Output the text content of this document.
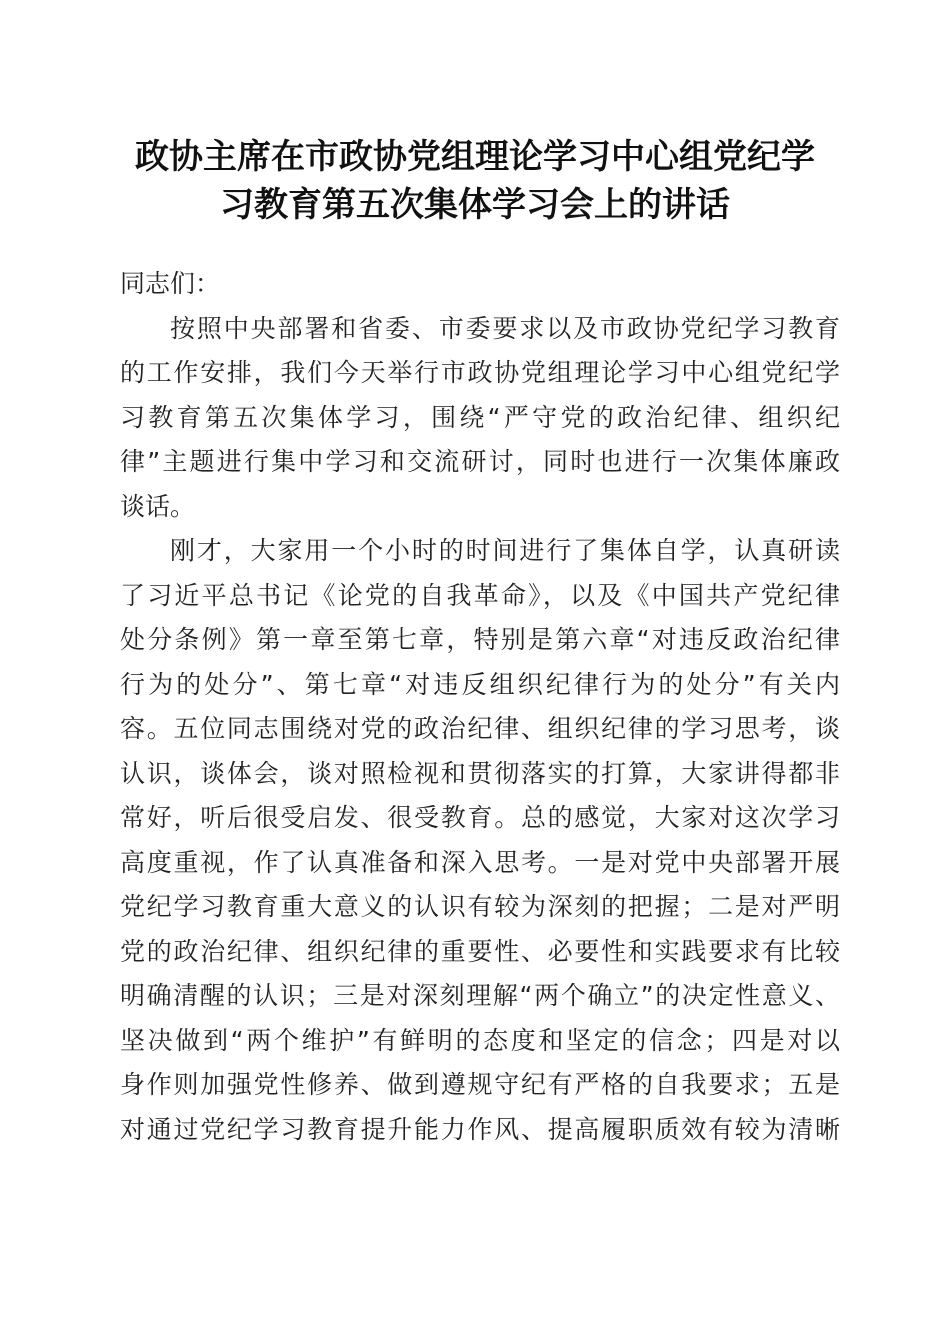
政协主席在市政协党组理论学习中心组党纪学
习教育第五次集体学习会上的讲话
同志们：
按照中央部署和省委、市委要求以及市政协党纪学习教育
的工作安排，我们今天举行市政协党组理论学习中心组党纪学
习教育第五次集体学习，围绕“严守党的政治纪律、组织纪
律”主题进行集中学习和交流研讨，同时也进行一次集体廉政
谈话。
刚才，大家用一个小时的时间进行了集体自学，认真研读
了习近平总书记《论党的自我革命》，以及《中国共产党纪律
处分条例》第一章至第七章，特别是第六章“对违反政治纪律
行为的处分”、第七章“对违反组织纪律行为的处分”有关内
容。五位同志围绕对党的政治纪律、组织纪律的学习思考，谈
认识，谈体会，谈对照检视和贯彻落实的打算，大家讲得都非
常好，听后很受启发、很受教育。总的感觉，大家对这次学习
高度重视，作了认真准备和深入思考。一是对党中央部署开展
党纪学习教育重大意义的认识有较为深刻的把握；二是对严明
党的政治纪律、组织纪律的重要性、必要性和实践要求有比较
明确清醒的认识；三是对深刻理解“两个确立”的决定性意义、
坚决做到“两个维护”有鲜明的态度和坚定的信念；四是对以
身作则加强党性修养、做到遵规守纪有严格的自我要求；五是
对通过党纪学习教育提升能力作风、提高履职质效有较为清晰
